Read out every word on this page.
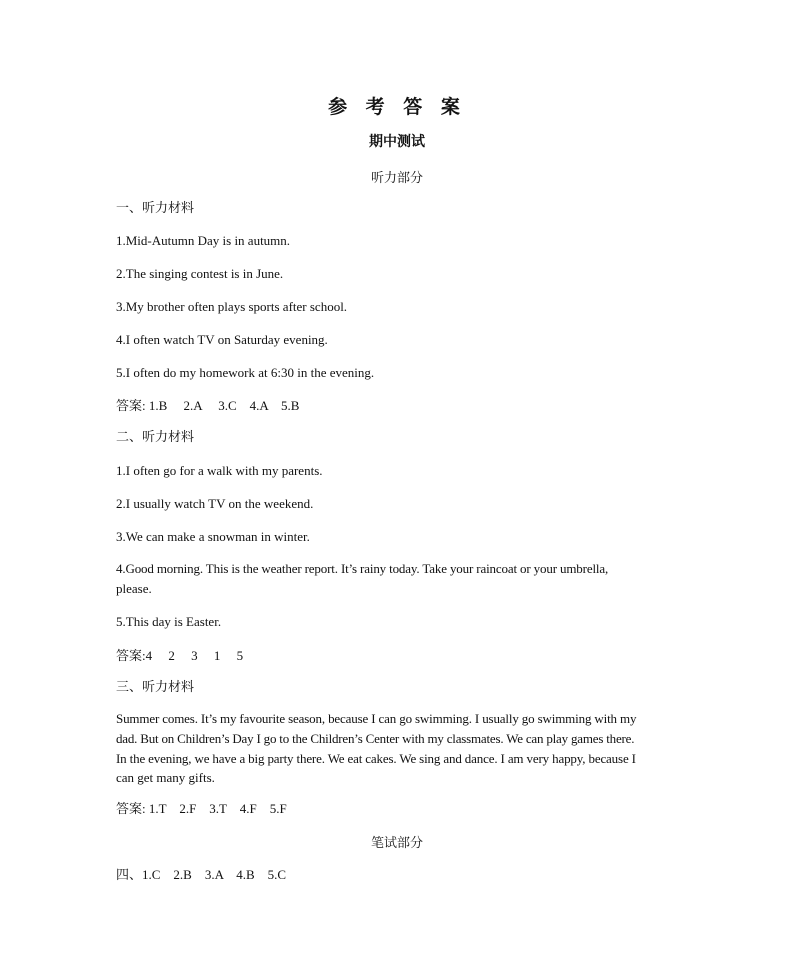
参 考 答 案
期中测试
听力部分
一、听力材料
1.Mid-Autumn Day is in autumn.
2.The singing contest is in June.
3.My brother often plays sports after school.
4.I often watch TV on Saturday evening.
5.I often do my homework at 6:30 in the evening.
答案: 1.B     2.A     3.C    4.A    5.B
二、听力材料
1.I often go for a walk with my parents.
2.I usually watch TV on the weekend.
3.We can make a snowman in winter.
4.Good morning. This is the weather report. It’s rainy today. Take your raincoat or your umbrella,
please.
5.This day is Easter.
答案:4     2     3     1     5
三、听力材料
Summer comes. It’s my favourite season, because I can go swimming. I usually go swimming with my
dad. But on Children’s Day I go to the Children’s Center with my classmates. We can play games there.
In the evening, we have a big party there. We eat cakes. We sing and dance. I am very happy, because I
can get many gifts.
答案: 1.T    2.F    3.T    4.F    5.F
笔试部分
四、1.C    2.B    3.A    4.B    5.C
